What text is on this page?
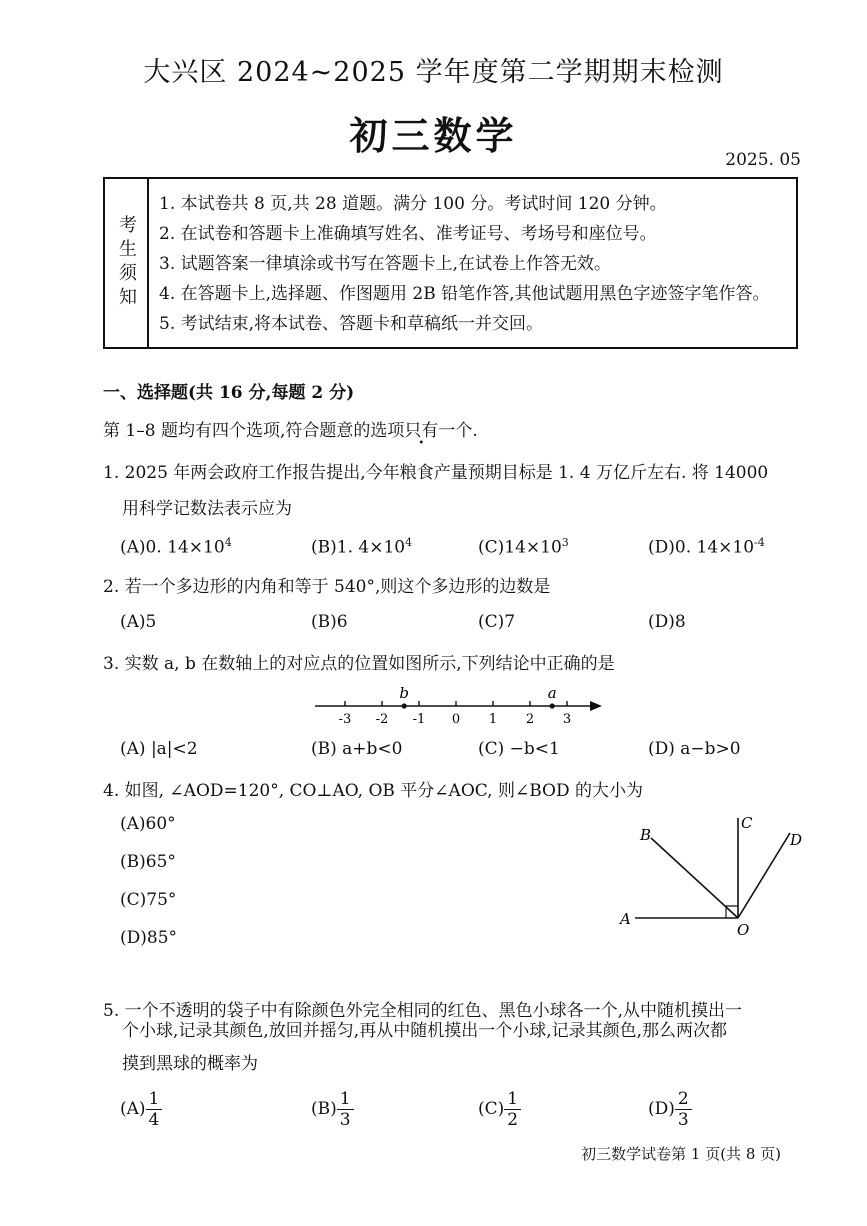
大兴区 2024~2025 学年度第二学期期末检测
初三数学
2025. 05
考生须知
1. 本试卷共 8 页,共 28 道题。满分 100 分。考试时间 120 分钟。
2. 在试卷和答题卡上准确填写姓名、准考证号、考场号和座位号。
3. 试题答案一律填涂或书写在答题卡上,在试卷上作答无效。
4. 在答题卡上,选择题、作图题用 2B 铅笔作答,其他试题用黑色字迹签字笔作答。
5. 考试结束,将本试卷、答题卡和草稿纸一并交回。
一、选择题(共 16 分,每题 2 分)
第 1–8 题均有四个选项,符合题意的选项只有一个.
1. 2025 年两会政府工作报告提出,今年粮食产量预期目标是 1. 4 万亿斤左右. 将 14000
用科学记数法表示应为
(A)0. $14\times 10^4$	(B)1. $4\times 10^4$	$(C)14\times 10^3$	(D)0. $14\times 10^{-4}$
2. 若一个多边形的内角和等于 540°,则这个多边形的边数是
(A)5	(B)6	(C)7	(D)8
3. 实数 a, b 在数轴上的对应点的位置如图所示,下列结论中正确的是
-3 -2 -1 0 1 2 3
b	a
(A) |a|<2	(B) a+b<0	(C) −b<1	(D) a−b>0
4. 如图, ∠AOD=120°, CO⊥AO, OB 平分∠AOC, 则∠BOD 的大小为
(A)60°
(B)65°
(C)75°
(D)85°
A
B
C
D
O
5. 一个不透明的袋子中有除颜色外完全相同的红色、黑色小球各一个,从中随机摸出一
个小球,记录其颜色,放回并摇匀,再从中随机摸出一个小球,记录其颜色,那么两次都
摸到黑球的概率为
$(A) \frac{1}{4}$	$(B) \frac{1}{3}$	$(C) \frac{1}{2}$	$(D) \frac{2}{3}$
初三数学试卷第 1 页(共 8 页)
